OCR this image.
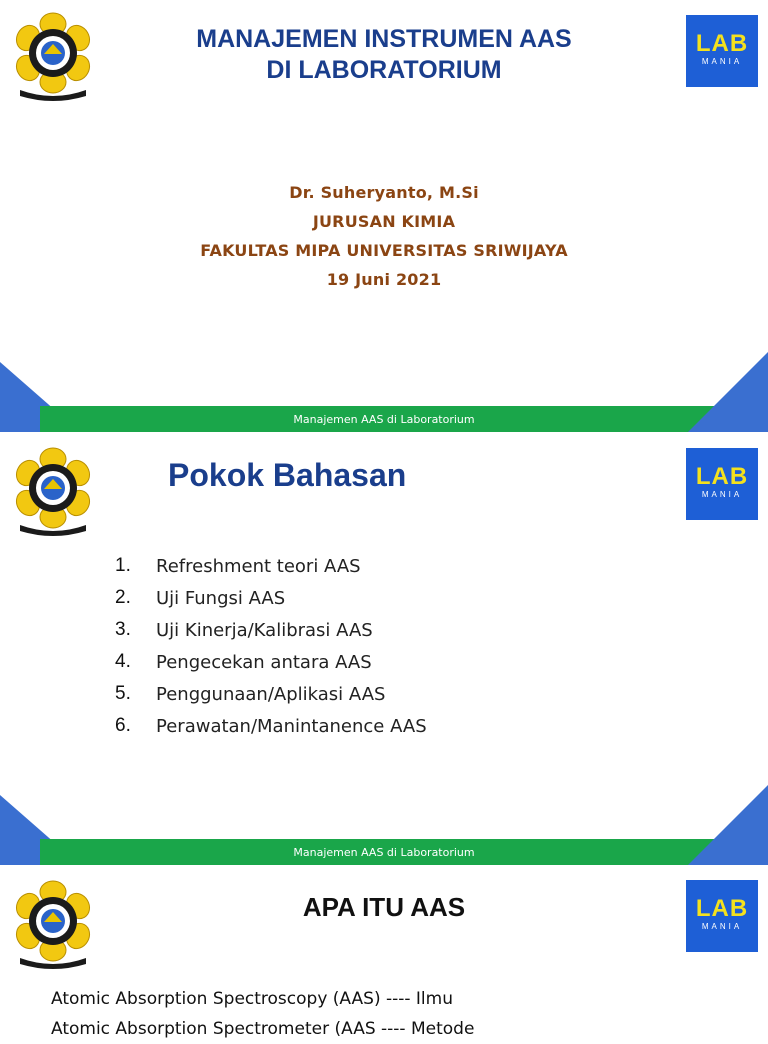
MANAJEMEN INSTRUMEN AAS
DI LABORATORIUM
LAB
MANIA
Dr. Suheryanto, M.Si
JURUSAN KIMIA
FAKULTAS MIPA UNIVERSITAS SRIWIJAYA
19 Juni 2021
Manajemen AAS di Laboratorium
Pokok Bahasan	LAB
MANIA
1.	Refreshment teori AAS
2.	Uji Fungsi AAS
3.	Uji Kinerja/Kalibrasi AAS
4.	Pengecekan antara AAS
5.	Penggunaan/Aplikasi AAS
6.	Perawatan/Manintanence AAS
Manajemen AAS di Laboratorium
APA ITU AAS	LAB
MANIA
Atomic Absorption Spectroscopy (AAS) ---- Ilmu
Atomic Absorption Spectrometer (AAS ---- Metode
